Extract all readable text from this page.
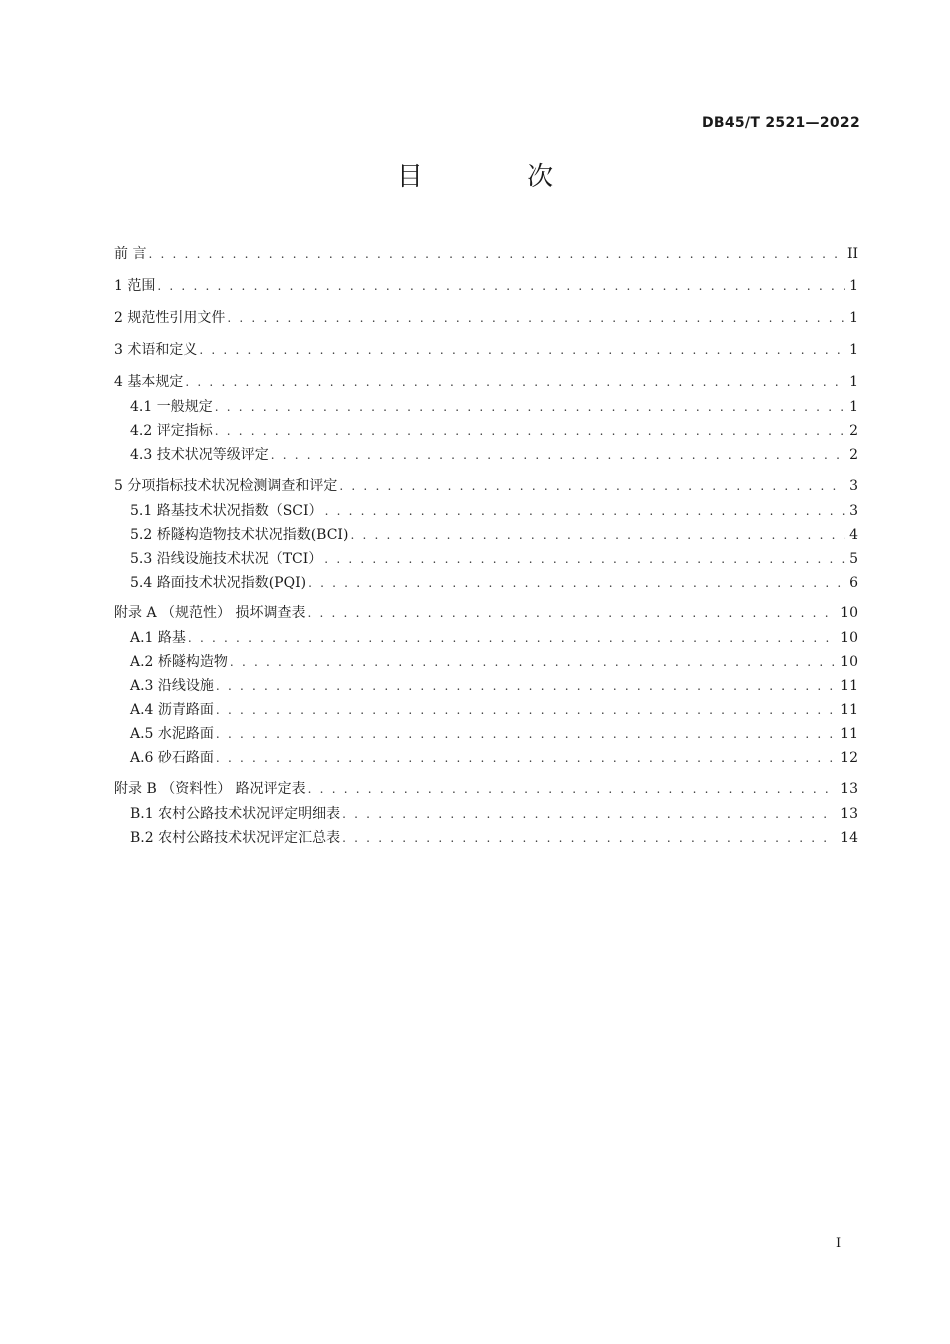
DB45/T 2521—2022
目 次
前 言 . . .	II
1 范围 . . .	1
2 规范性引用文件 . . .	1
3 术语和定义 . . .	1
4 基本规定 . . .	1
4.1 一般规定 . . .	1
4.2 评定指标 . . .	2
4.3 技术状况等级评定 . . .	2
5 分项指标技术状况检测调查和评定 . . .	3
5.1 路基技术状况指数（SCI） . . .	3
5.2 桥隧构造物技术状况指数(BCI) . . .	4
5.3 沿线设施技术状况（TCI） . . .	5
5.4 路面技术状况指数(PQI) . . .	6
附录 A （规范性） 损坏调查表 . . .	10
A.1 路基 . . .	10
A.2 桥隧构造物 . . .	10
A.3 沿线设施 . . .	11
A.4 沥青路面 . . .	11
A.5 水泥路面 . . .	11
A.6 砂石路面 . . .	12
附录 B （资料性） 路况评定表 . . .	13
B.1 农村公路技术状况评定明细表 . . .	13
B.2 农村公路技术状况评定汇总表 . . .	14
I
